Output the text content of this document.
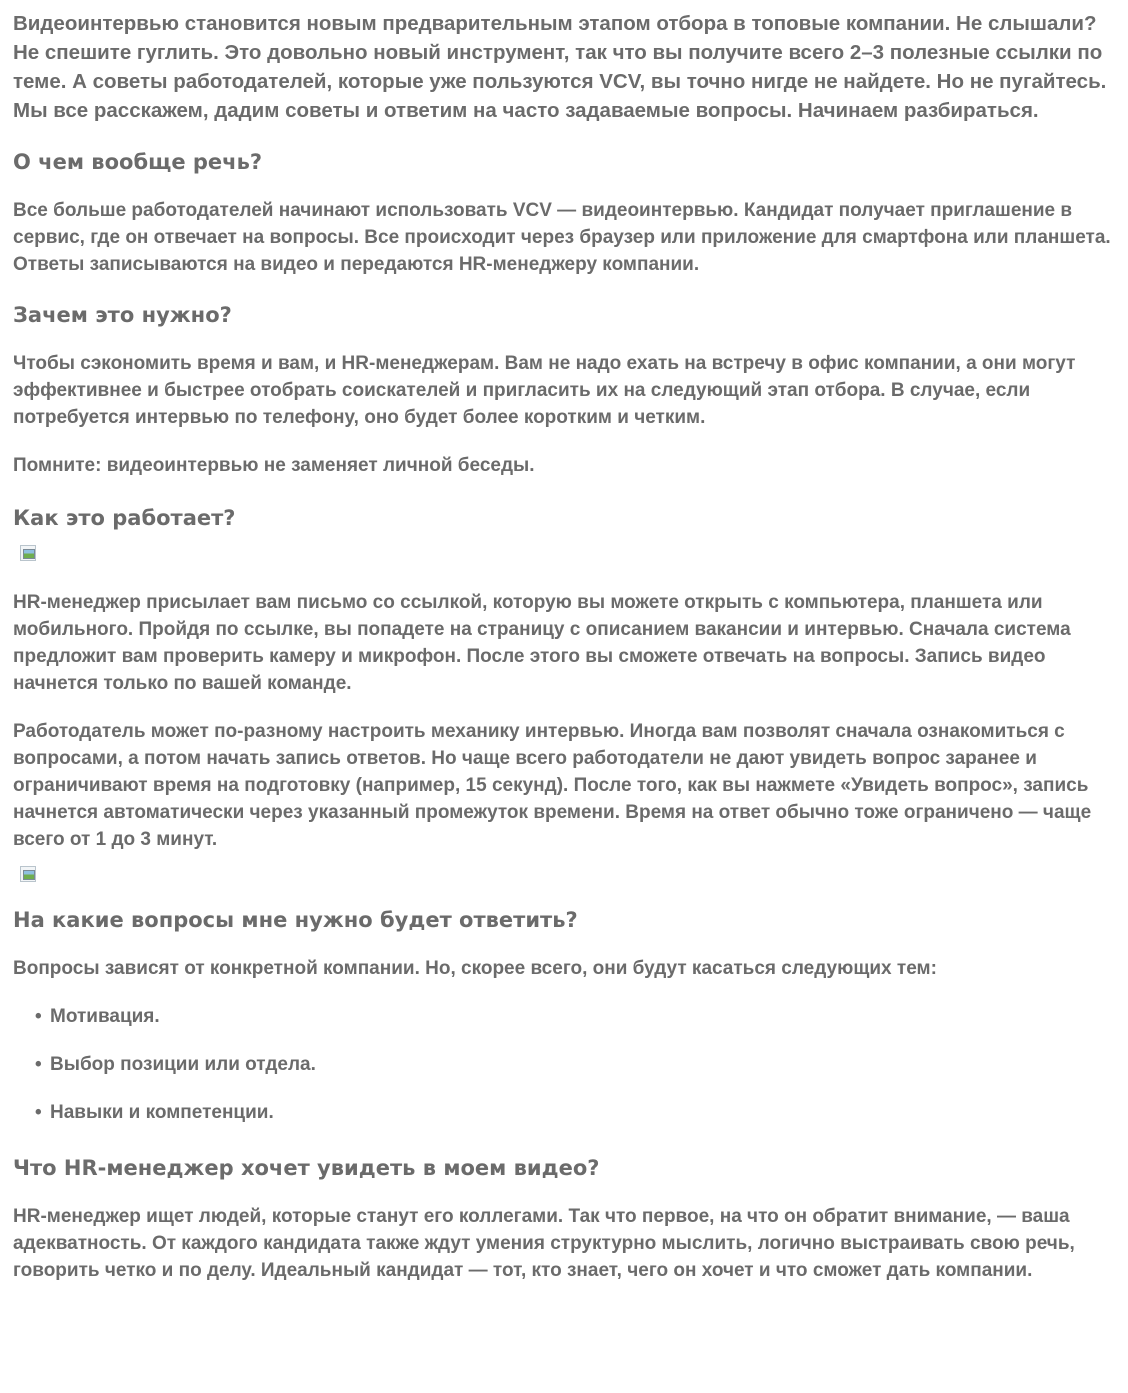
Видеоинтервью становится новым предварительным этапом отбора в топовые компании. Не слышали? Не спешите гуглить. Это довольно новый инструмент, так что вы получите всего 2–3 полезные ссылки по теме. А советы работодателей, которые уже пользуются VCV, вы точно нигде не найдете. Но не пугайтесь. Мы все расскажем, дадим советы и ответим на часто задаваемые вопросы. Начинаем разбираться.

О чем вообще речь?

Все больше работодателей начинают использовать VCV — видеоинтервью. Кандидат получает приглашение в сервис, где он отвечает на вопросы. Все происходит через браузер или приложение для смартфона или планшета. Ответы записываются на видео и передаются HR-менеджеру компании.

Зачем это нужно?

Чтобы сэкономить время и вам, и HR-менеджерам. Вам не надо ехать на встречу в офис компании, а они могут эффективнее и быстрее отобрать соискателей и пригласить их на следующий этап отбора. В случае, если потребуется интервью по телефону, оно будет более коротким и четким.

Помните: видеоинтервью не заменяет личной беседы.

Как это работает?

HR-менеджер присылает вам письмо со ссылкой, которую вы можете открыть с компьютера, планшета или мобильного. Пройдя по ссылке, вы попадете на страницу с описанием вакансии и интервью. Сначала система предложит вам проверить камеру и микрофон. После этого вы сможете отвечать на вопросы. Запись видео начнется только по вашей команде.

Работодатель может по-разному настроить механику интервью. Иногда вам позволят сначала ознакомиться с вопросами, а потом начать запись ответов. Но чаще всего работодатели не дают увидеть вопрос заранее и ограничивают время на подготовку (например, 15 секунд). После того, как вы нажмете «Увидеть вопрос», запись начнется автоматически через указанный промежуток времени. Время на ответ обычно тоже ограничено — чаще всего от 1 до 3 минут.

На какие вопросы мне нужно будет ответить?

Вопросы зависят от конкретной компании. Но, скорее всего, они будут касаться следующих тем:

• Мотивация.
• Выбор позиции или отдела.
• Навыки и компетенции.
Что HR-менеджер хочет увидеть в моем видео?

HR-менеджер ищет людей, которые станут его коллегами. Так что первое, на что он обратит внимание, — ваша адекватность. От каждого кандидата также ждут умения структурно мыслить, логично выстраивать свою речь, говорить четко и по делу. Идеальный кандидат — тот, кто знает, чего он хочет и что сможет дать компании.
